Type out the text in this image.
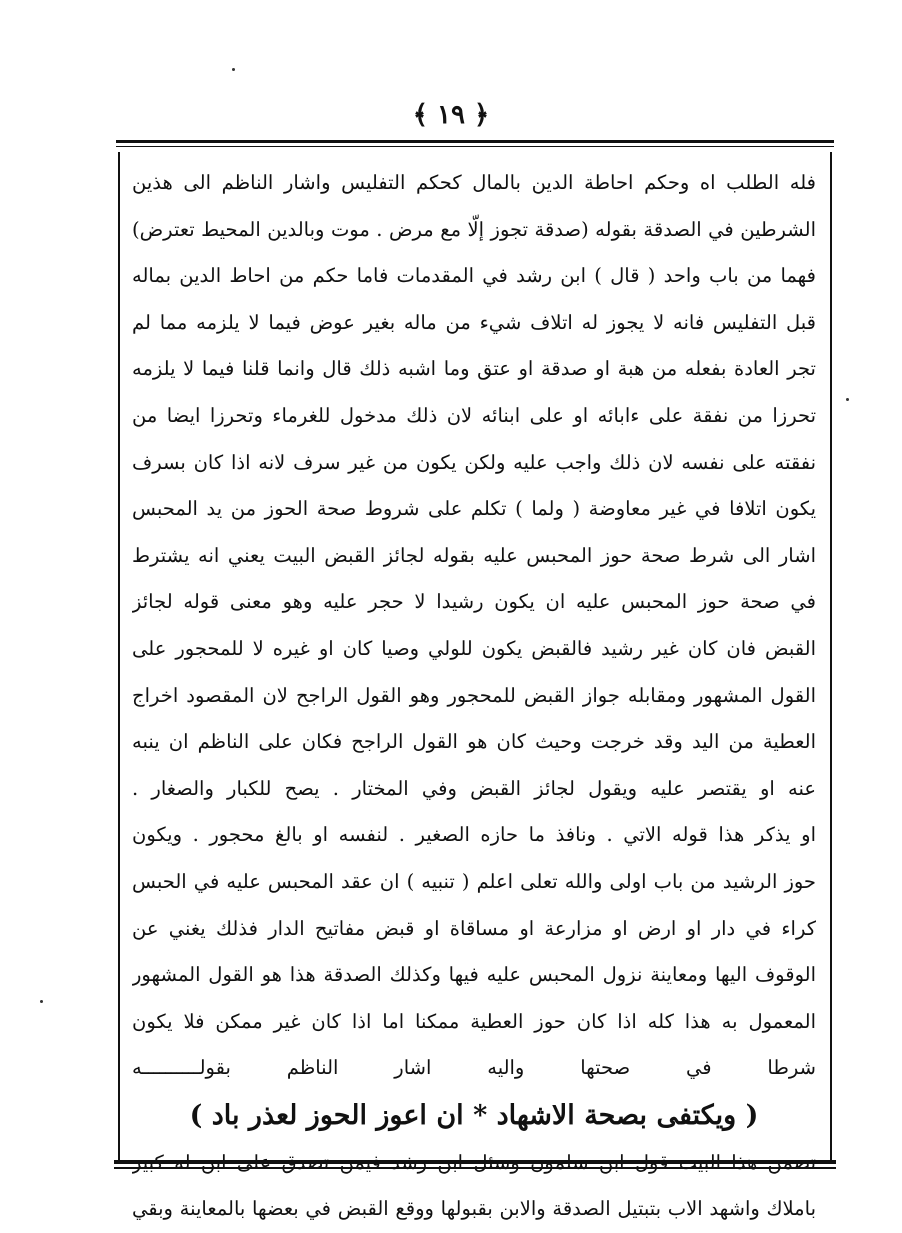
﴾ ١٩ ﴿
فله الطلب اه وحكم احاطة الدين بالمال كحكم التفليس واشار الناظم الى هذين
الشرطين في الصدقة بقوله (صدقة تجوز إلّا مع مرض . موت وبالدين المحيط تعترض)
فهما من باب واحد ( قال ) ابن رشد في المقدمات فاما حكم من احاط الدين بماله
قبل التفليس فانه لا يجوز له اتلاف شيء من ماله بغير عوض فيما لا يلزمه مما لم
تجر العادة بفعله من هبة او صدقة او عتق وما اشبه ذلك قال وانما قلنا فيما لا يلزمه
تحرزا من نفقة على ءابائه او على ابنائه لان ذلك مدخول للغرماء وتحرزا ايضا من
نفقته على نفسه لان ذلك واجب عليه ولكن يكون من غير سرف لانه اذا كان بسرف
يكون اتلافا في غير معاوضة ( ولما ) تكلم على شروط صحة الحوز من يد المحبس
اشار الى شرط صحة حوز المحبس عليه بقوله لجائز القبض البيت يعني انه يشترط
في صحة حوز المحبس عليه ان يكون رشيدا لا حجر عليه وهو معنى قوله لجائز
القبض فان كان غير رشيد فالقبض يكون للولي وصيا كان او غيره لا للمحجور على
القول المشهور ومقابله جواز القبض للمحجور وهو القول الراجح لان المقصود اخراج
العطية من اليد وقد خرجت وحيث كان هو القول الراجح فكان على الناظم ان ينبه
عنه او يقتصر عليه ويقول لجائز القبض وفي المختار . يصح للكبار والصغار .
او يذكر هذا قوله الاتي . ونافذ ما حازه الصغير . لنفسه او بالغ محجور . ويكون
حوز الرشيد من باب اولى والله تعلى اعلم ( تنبيه ) ان عقد المحبس عليه في الحبس
كراء في دار او ارض او مزارعة او مساقاة او قبض مفاتيح الدار فذلك يغني عن
الوقوف اليها ومعاينة نزول المحبس عليه فيها وكذلك الصدقة هذا هو القول المشهور
المعمول به هذا كله اذا كان حوز العطية ممكنا اما اذا كان غير ممكن فلا يكون
شرطا في صحتها واليه اشار الناظم بقولــــــــــه
( ويكتفى بصحة الاشهاد * ان اعوز الحوز لعذر باد )
تضمن هذا البيت قول ابن سلمون وسئل ابن رشد فيمن تصدق على ابن له كبير
باملاك واشهد الاب بتبتيل الصدقة والابن بقبولها ووقع القبض في بعضها بالمعاينة وبقي
